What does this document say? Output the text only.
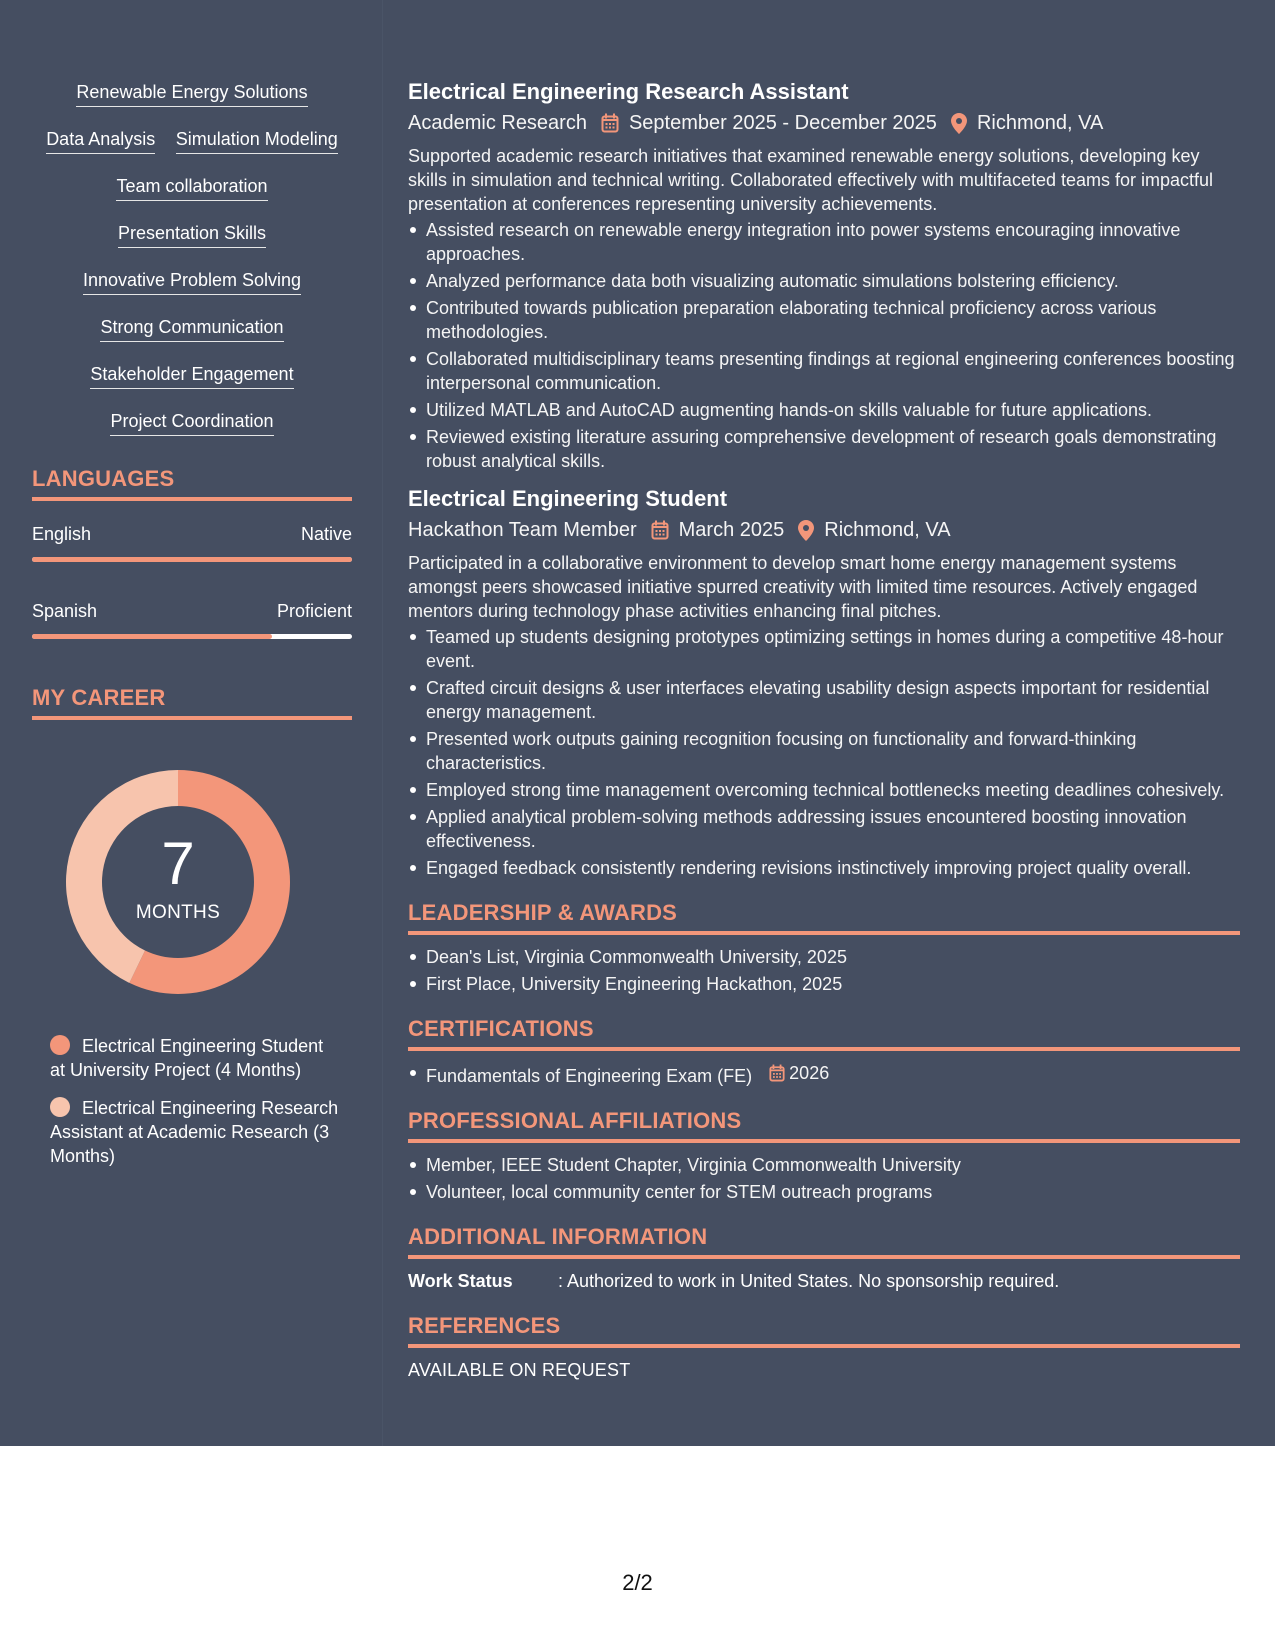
Renewable Energy Solutions
Data Analysis Simulation Modeling
Team collaboration
Presentation Skills
Innovative Problem Solving
Strong Communication
Stakeholder Engagement
Project Coordination
LANGUAGES
English	Native
Spanish	Proficient
MY CAREER
7
MONTHS
Electrical Engineering Student at University Project (4 Months)
Electrical Engineering Research Assistant at Academic Research (3 Months)
Electrical Engineering Research Assistant
Academic Research September 2025 - December 2025 Richmond, VA
Supported academic research initiatives that examined renewable energy solutions, developing key skills in simulation and technical writing. Collaborated effectively with multifaceted teams for impactful presentation at conferences representing university achievements.
Assisted research on renewable energy integration into power systems encouraging innovative approaches.
Analyzed performance data both visualizing automatic simulations bolstering efficiency.
Contributed towards publication preparation elaborating technical proficiency across various methodologies.
Collaborated multidisciplinary teams presenting findings at regional engineering conferences boosting interpersonal communication.
Utilized MATLAB and AutoCAD augmenting hands-on skills valuable for future applications.
Reviewed existing literature assuring comprehensive development of research goals demonstrating robust analytical skills.
Electrical Engineering Student
Hackathon Team Member March 2025 Richmond, VA
Participated in a collaborative environment to develop smart home energy management systems amongst peers showcased initiative spurred creativity with limited time resources. Actively engaged mentors during technology phase activities enhancing final pitches.
Teamed up students designing prototypes optimizing settings in homes during a competitive 48-hour event.
Crafted circuit designs & user interfaces elevating usability design aspects important for residential energy management.
Presented work outputs gaining recognition focusing on functionality and forward-thinking characteristics.
Employed strong time management overcoming technical bottlenecks meeting deadlines cohesively.
Applied analytical problem-solving methods addressing issues encountered boosting innovation effectiveness.
Engaged feedback consistently rendering revisions instinctively improving project quality overall.
LEADERSHIP & AWARDS
Dean's List, Virginia Commonwealth University, 2025
First Place, University Engineering Hackathon, 2025
CERTIFICATIONS
Fundamentals of Engineering Exam (FE) 2026
PROFESSIONAL AFFILIATIONS
Member, IEEE Student Chapter, Virginia Commonwealth University
Volunteer, local community center for STEM outreach programs
ADDITIONAL INFORMATION
Work Status	: Authorized to work in United States. No sponsorship required.
REFERENCES
AVAILABLE ON REQUEST
2/2
